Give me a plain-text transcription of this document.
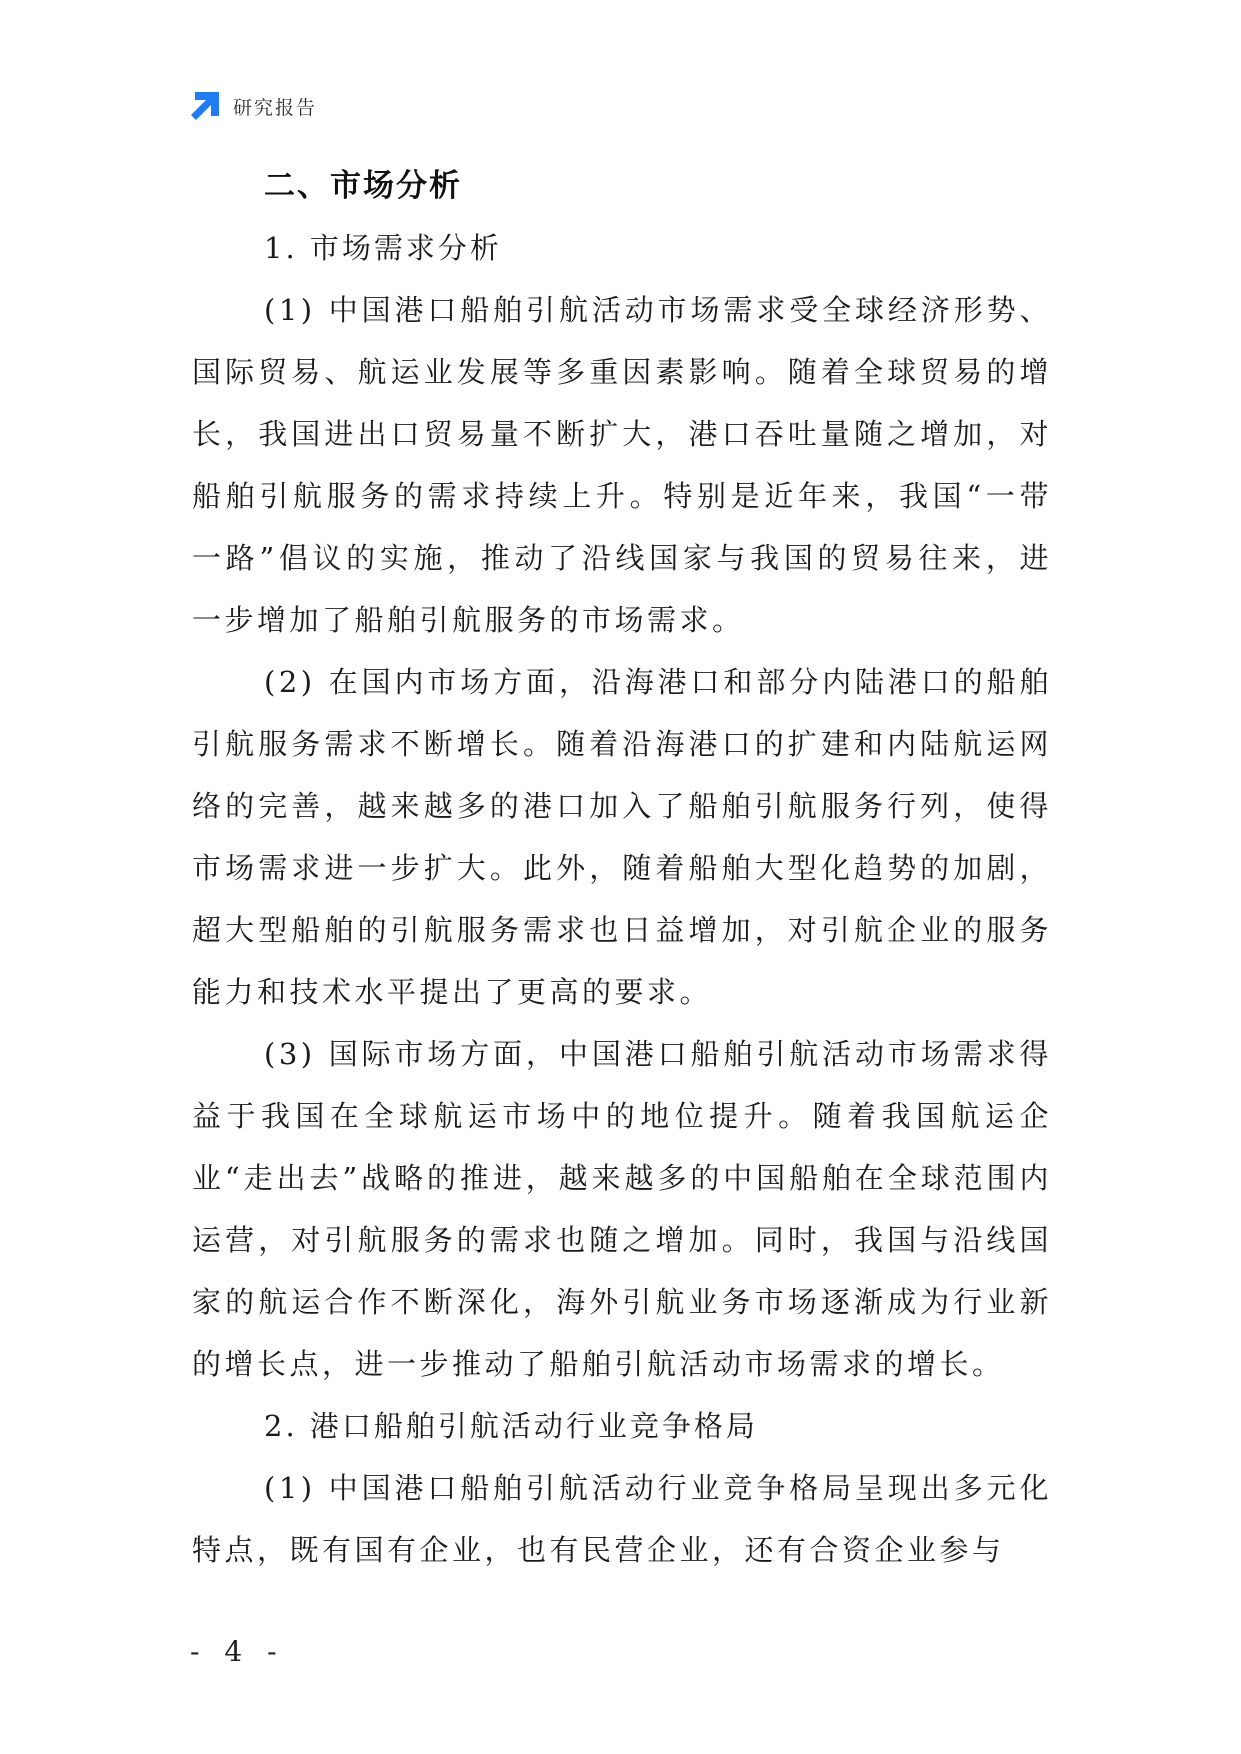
研究报告
二、市场分析

1. 市场需求分析

(1) 中国港口船舶引航活动市场需求受全球经济形势、国际贸易、航运业发展等多重因素影响。随着全球贸易的增长，我国进出口贸易量不断扩大，港口吞吐量随之增加，对船舶引航服务的需求持续上升。特别是近年来，我国“一带一路”倡议的实施，推动了沿线国家与我国的贸易往来，进一步增加了船舶引航服务的市场需求。

(2) 在国内市场方面，沿海港口和部分内陆港口的船舶引航服务需求不断增长。随着沿海港口的扩建和内陆航运网络的完善，越来越多的港口加入了船舶引航服务行列，使得市场需求进一步扩大。此外，随着船舶大型化趋势的加剧，超大型船舶的引航服务需求也日益增加，对引航企业的服务能力和技术水平提出了更高的要求。

(3) 国际市场方面，中国港口船舶引航活动市场需求得益于我国在全球航运市场中的地位提升。随着我国航运企业“走出去”战略的推进，越来越多的中国船舶在全球范围内运营，对引航服务的需求也随之增加。同时，我国与沿线国家的航运合作不断深化，海外引航业务市场逐渐成为行业新的增长点，进一步推动了船舶引航活动市场需求的增长。

2. 港口船舶引航活动行业竞争格局

(1) 中国港口船舶引航活动行业竞争格局呈现出多元化特点，既有国有企业，也有民营企业，还有合资企业参与

- 4 -
